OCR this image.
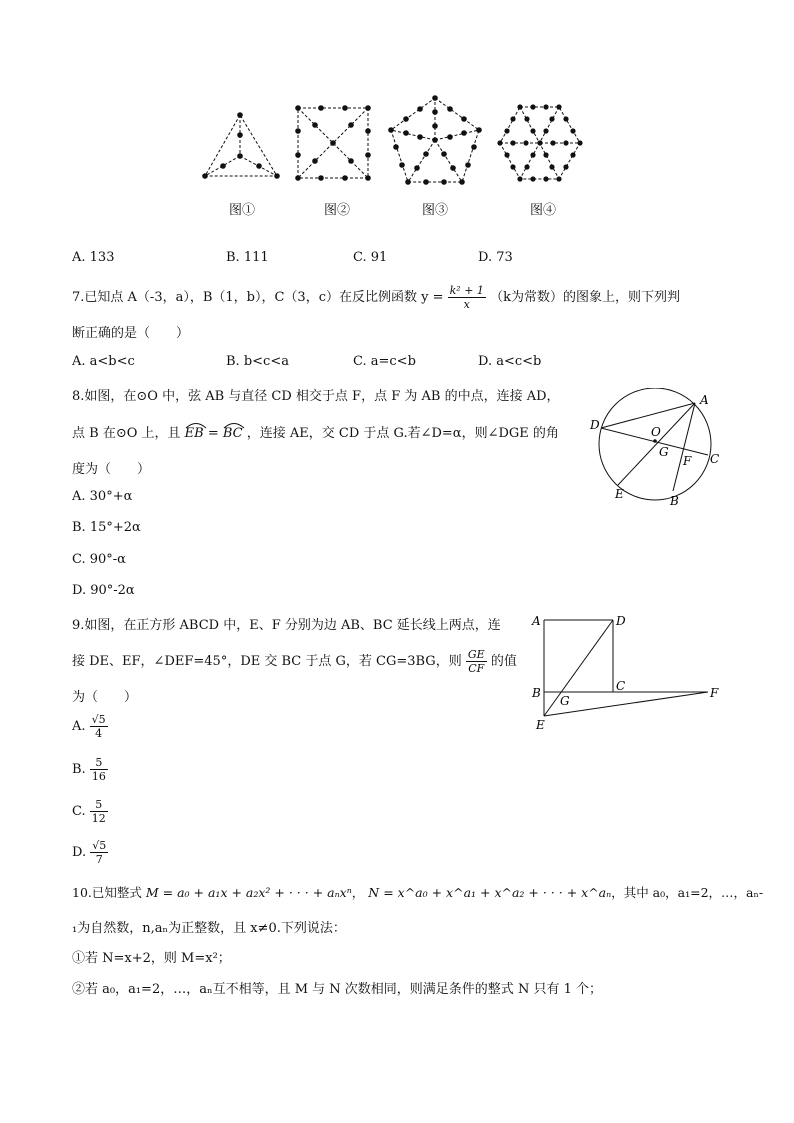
图①	图②	图③	图④
A. 133	B. 111	C. 91	D. 73
7.已知点 A（-3，a），B（1，b），C（3，c）在反比例函数 $y = \frac{\text{k² + 1}}{x} (k$为常数）的图象上，则下列判
断正确的是（　　）
A. a<b<c	B. b<c<a	C. a=c<b	D. a<c<b
8.如图，在⊙O 中，弦 AB 与直径 CD 相交于点 F，点 F 为 AB 的中点，连接 AD，
点 B 在⊙O 上，且 EB =
BC ，连接 AE，交 CD 于点 G.若∠D=α，则∠DGE 的角
度为（　　）
A. 30°+α
B. 15°+2α
C. 90°-α
D. 90°-2α
A
D	O
G
F C
E	B
9.如图，在正方形 ABCD 中，E、F 分别为边 AB、BC 延长线上两点，连
接 DE、EF，∠DEF=45°，DE 交 BC 于点 G，若 CG=3BG，则 $\frac{GE}{CF}$ 的值
为（　　）
A. $\frac{√5}{4}$
B. $\frac{5}{16}$
C. $\frac{5}{12}$
D. $\frac{√5}{7}$
A	D
B
G
C	F
E
10.已知整式 M = a₀ + a₁x + a₂x² + · · · + aₙxⁿ， N = x^a₀ + x^a₁ + x^a₂ + · · · + x^aₙ，其中 a₀，a₁=2，…，aₙ-
₁为自然数，n,aₙ为正整数，且 x≠0.下列说法：
①若 N=x+2，则 M=x²；
②若 a₀，a₁=2，…，aₙ互不相等，且 M 与 N 次数相同，则满足条件的整式 N 只有 1 个；
